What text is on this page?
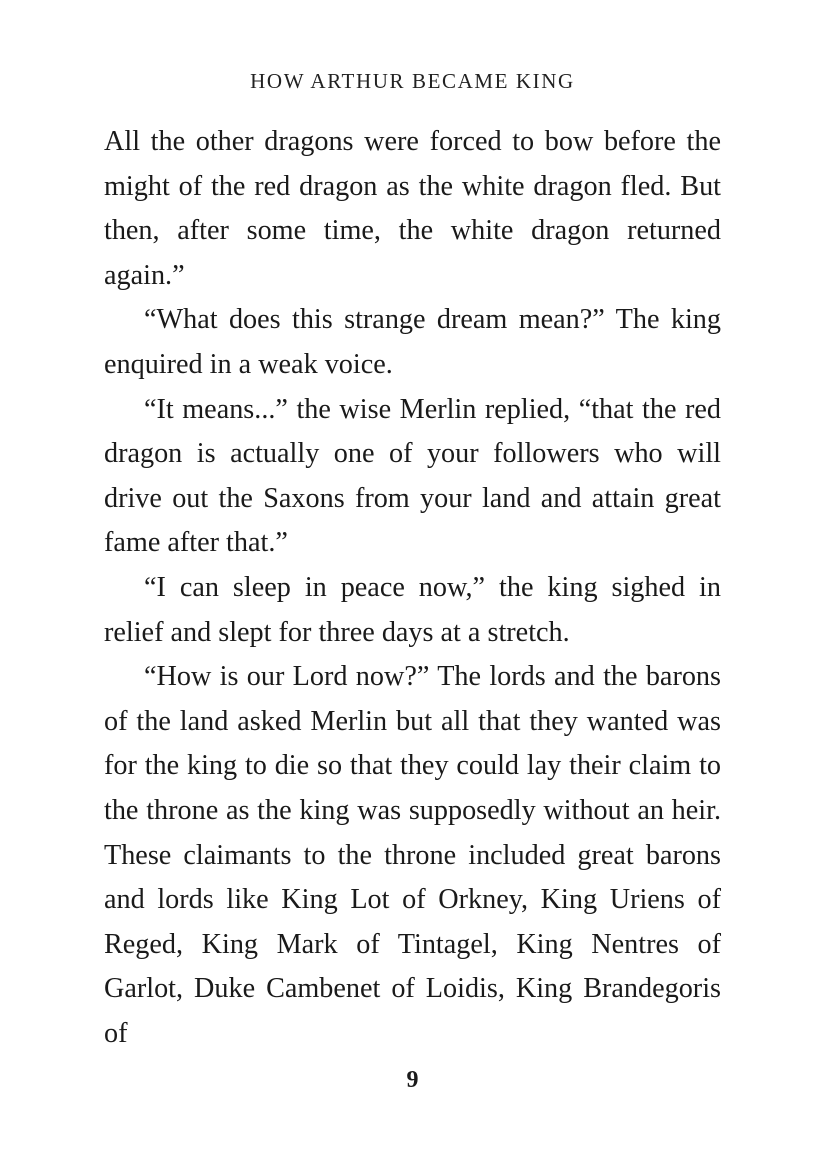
HOW ARTHUR BECAME KING

All the other dragons were forced to bow before the might of the red dragon as the white dragon fled. But then, after some time, the white dragon returned again.”

“What does this strange dream mean?” The king enquired in a weak voice.

“It means...” the wise Merlin replied, “that the red dragon is actually one of your followers who will drive out the Saxons from your land and attain great fame after that.”

“I can sleep in peace now,” the king sighed in relief and slept for three days at a stretch.

“How is our Lord now?” The lords and the barons of the land asked Merlin but all that they wanted was for the king to die so that they could lay their claim to the throne as the king was supposedly without an heir. These claimants to the throne included great barons and lords like King Lot of Orkney, King Uriens of Reged, King Mark of Tintagel, King Nentres of Garlot, Duke Cambenet of Loidis, King Brandegoris of

9
